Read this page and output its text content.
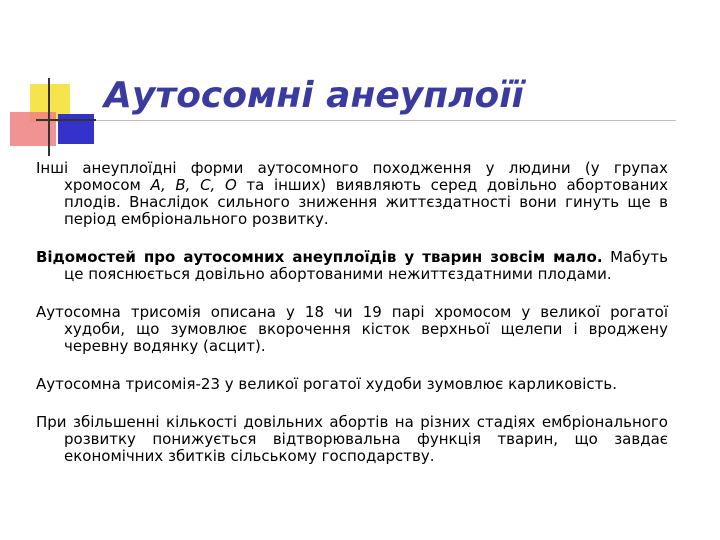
Аутосомні анеуплоїї

Інші анеуплоїдні форми аутосомного походження у людини (у групах хромосом A, B, C, O та інших) виявляють серед довільно абортованих плодів. Внаслідок сильного зниження життєздатності вони гинуть ще в період ембріонального розвитку.

Відомостей про аутосомних анеуплоїдів у тварин зовсім мало. Мабуть це пояснюється довільно абортованими нежиттєздатними плодами.

Аутосомна трисомія описана у 18 чи 19 парі хромосом у великої рогатої худоби, що зумовлює вкорочення кісток верхньої щелепи і вроджену черевну водянку (асцит).

Аутосомна трисомія-23 у великої рогатої худоби зумовлює карликовість.

При збільшенні кількості довільних абортів на різних стадіях ембріонального розвитку понижується відтворювальна функція тварин, що завдає економічних збитків сільському господарству.
